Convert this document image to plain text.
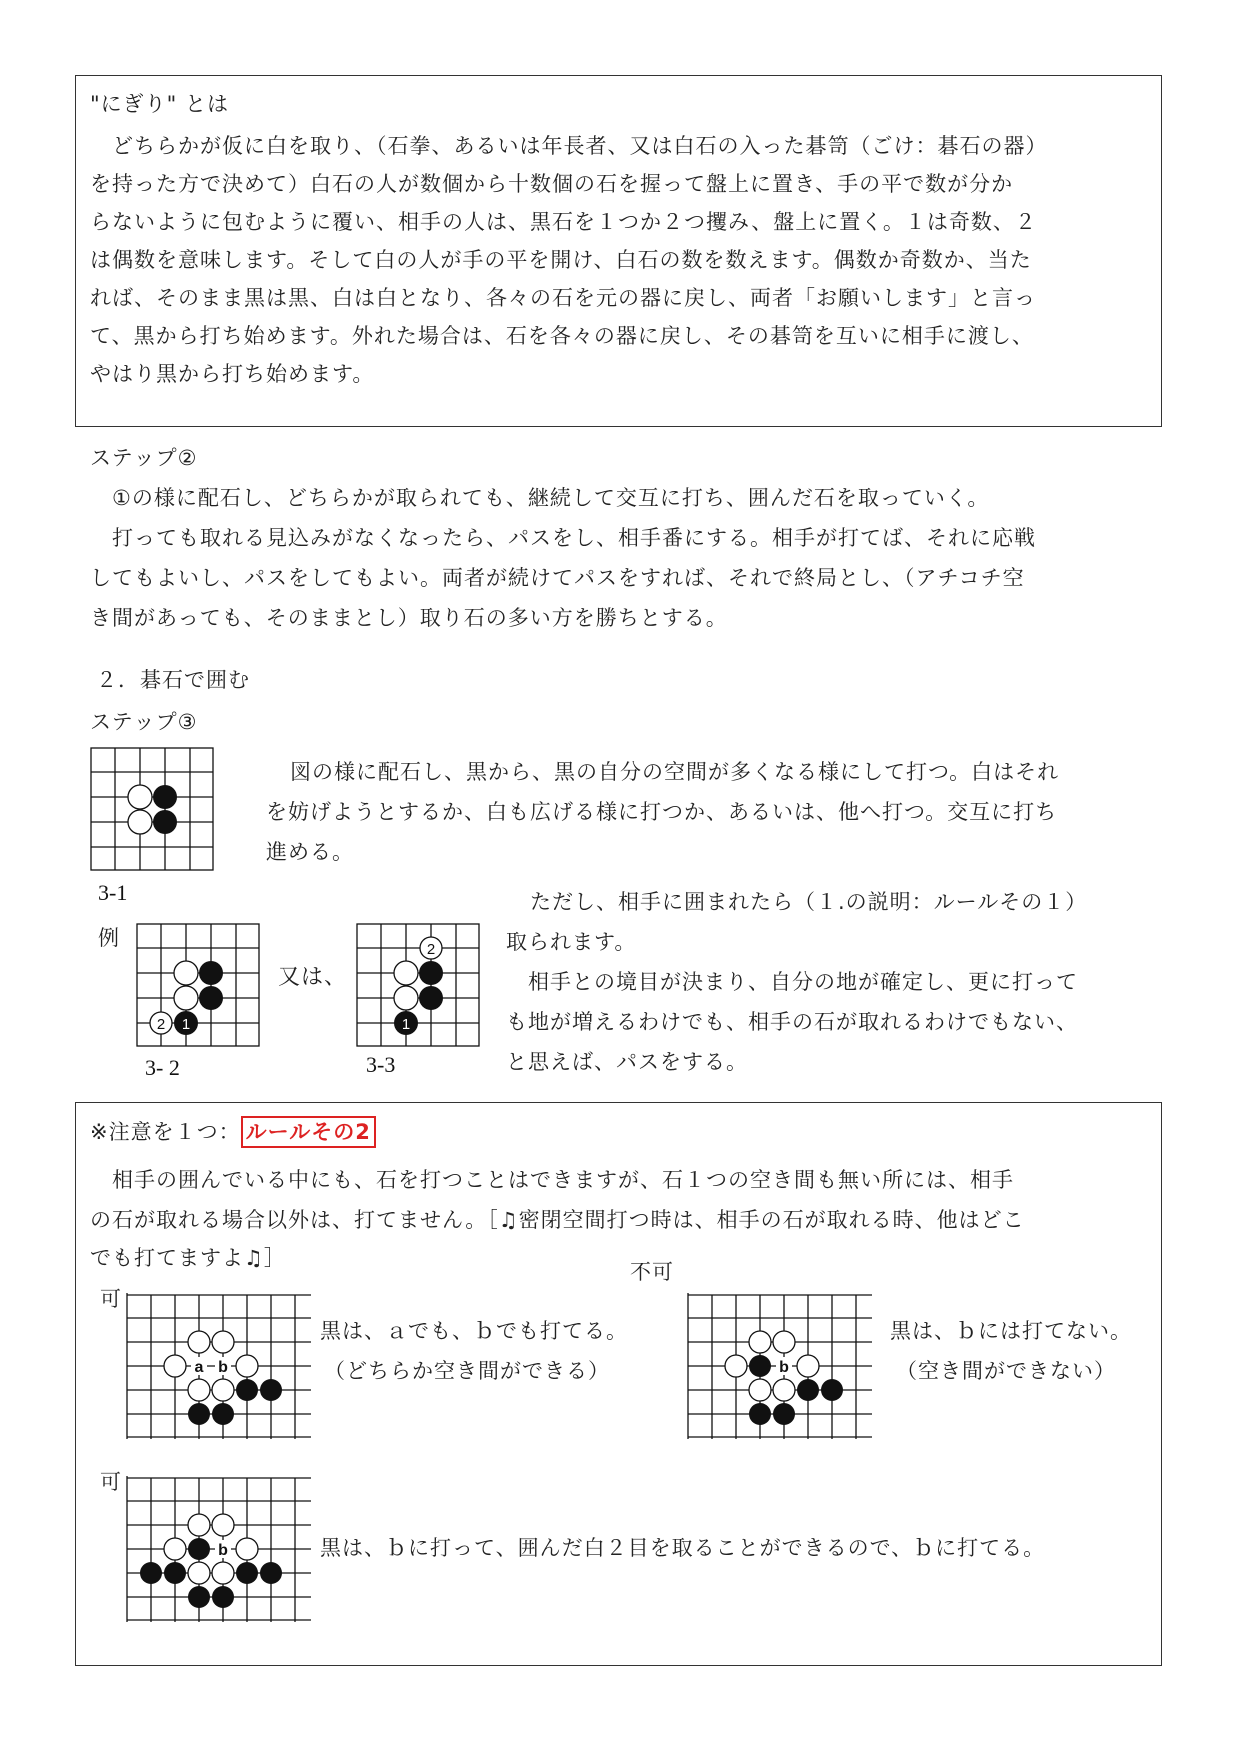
"にぎり" とは
　どちらかが仮に白を取り、（石拳、あるいは年長者、又は白石の入った碁笥（ごけ：碁石の器）
を持った方で決めて）白石の人が数個から十数個の石を握って盤上に置き、手の平で数が分か
らないように包むように覆い、相手の人は、黒石を１つか２つ攫み、盤上に置く。１は奇数、２
は偶数を意味します。そして白の人が手の平を開け、白石の数を数えます。偶数か奇数か、当た
れば、そのまま黒は黒、白は白となり、各々の石を元の器に戻し、両者「お願いします」と言っ
て、黒から打ち始めます。外れた場合は、石を各々の器に戻し、その碁笥を互いに相手に渡し、
やはり黒から打ち始めます。
ステップ②
　①の様に配石し、どちらかが取られても、継続して交互に打ち、囲んだ石を取っていく。
　打っても取れる見込みがなくなったら、パスをし、相手番にする。相手が打てば、それに応戦
してもよいし、パスをしてもよい。両者が続けてパスをすれば、それで終局とし、（アチコチ空
き間があっても、そのままとし）取り石の多い方を勝ちとする。
２．碁石で囲む
ステップ③
3-1
図の様に配石し、黒から、黒の自分の空間が多くなる様にして打つ。白はそれ
を妨げようとするか、白も広げる様に打つか、あるいは、他へ打つ。交互に打ち
進める。
例
2 1
3- 2
又は、
2
1
3-3
ただし、相手に囲まれたら（１.の説明：ルールその１）
取られます。
　相手との境目が決まり、自分の地が確定し、更に打って
も地が増えるわけでも、相手の石が取れるわけでもない、
と思えば、パスをする。
※注意を１つ： ルールその2
　相手の囲んでいる中にも、石を打つことはできますが、石１つの空き間も無い所には、相手
の石が取れる場合以外は、打てません。［♫密閉空間打つ時は、相手の石が取れる時、他はどこ
でも打てますよ♫］
可
不可
可
a b
黒は、ａでも、ｂでも打てる。
（どちらか空き間ができる）	b
黒は、ｂには打てない。
（空き間ができない）
b	黒は、ｂに打って、囲んだ白２目を取ることができるので、ｂに打てる。
